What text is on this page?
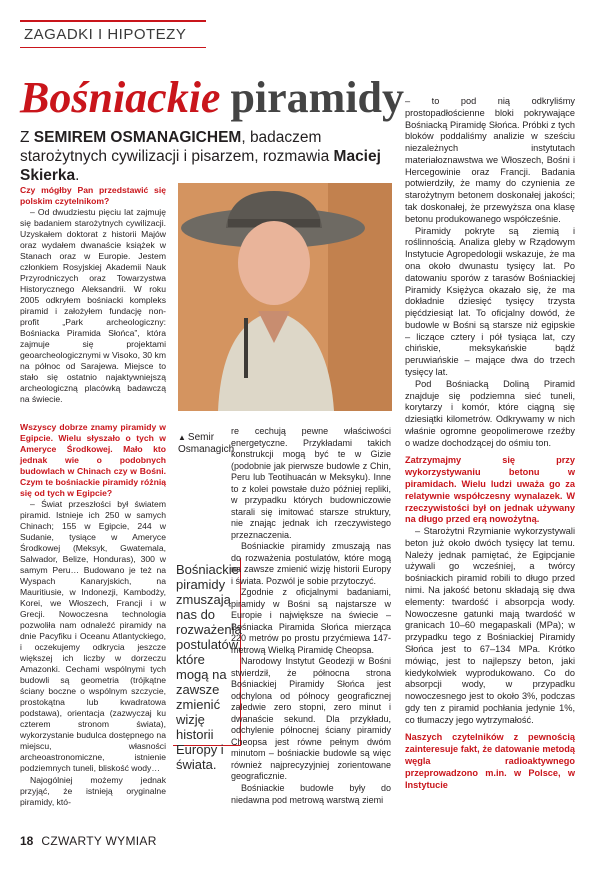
ZAGADKI I HIPOTEZY
Bośniackie piramidy
Z SEMIREM OSMANAGICHEM, badaczem starożytnych cywilizacji i pisarzem, rozmawia Maciej Skierka.

Czy mógłby Pan przedstawić się polskim czytelnikom?

– Od dwudziestu pięciu lat zajmuję się badaniem starożytnych cywilizacji. Uzyskałem doktorat z historii Majów oraz wydałem dwanaście książek w Stanach oraz w Europie. Jestem członkiem Rosyjskiej Akademii Nauk Przyrodniczych oraz Towarzystwa Historycznego Aleksandrii. W roku 2005 odkryłem bośniacki kompleks piramid i założyłem fundację non-profit „Park archeologiczny: Bośniacka Piramida Słońca”, która zajmuje się projektami geoarcheologicznymi w Visoko, 30 km na północ od Sarajewa. Miejsce to stało się ostatnio najaktywniejszą archeologiczną placówką badawczą na świecie.

▲ Semir
Osmanagich

Wszyscy dobrze znamy piramidy w Egipcie. Wielu słyszało o tych w Ameryce Środkowej. Mało kto jednak wie o podobnych budowlach w Chinach czy w Bośni. Czym te bośniackie piramidy różnią się od tych w Egipcie?

– Świat przeszłości był światem piramid. Istnieje ich 250 w samych Chinach; 155 w Egipcie, 244 w Sudanie, tysiące w Ameryce Środkowej (Meksyk, Gwatemala, Salwador, Belize, Honduras), 300 w samym Peru… Budowano je też na Wyspach Kanaryjskich, na Mauritiusie, w Indonezji, Kambodży, Korei, we Włoszech, Francji i w Grecji. Nowoczesna technologia pozwoliła nam odnaleźć piramidy na dnie Pacyfiku i Oceanu Atlantyckiego, i oczekujemy odkrycia jeszcze większej ich liczby w dorzeczu Amazonki. Cechami wspólnymi tych budowli są geometria (trójkątne ściany boczne o wspólnym szczycie, prostokątna lub kwadratowa podstawa), orientacja (zazwyczaj ku czterem stronom świata), wykorzystanie budulca dostępnego na miejscu, własności archeoastronomiczne, istnienie podziemnych tuneli, bliskość wody…

Najogólniej możemy jednak przyjąć, że istnieją oryginalne piramidy, któ-

Bośniackie piramidy zmuszają nas do rozważenia postulatów, które mogą na zawsze zmienić wizję historii Europy i świata.

re cechują pewne właściwości energetyczne. Przykładami takich konstrukcji mogą być te w Gizie (podobnie jak pierwsze budowle z Chin, Peru lub Teotihuacán w Meksyku). Inne to z kolei powstałe dużo później repliki, w przypadku których budowniczowie starali się imitować starsze struktury, nie znając jednak ich rzeczywistego przeznaczenia.

Bośniackie piramidy zmuszają nas do rozważenia postulatów, które mogą na zawsze zmienić wizję historii Europy i świata. Pozwól je sobie przytoczyć.

Zgodnie z oficjalnymi badaniami, piramidy w Bośni są najstarsze w Europie i największe na świecie – Bośniacka Piramida Słońca mierząca 220 metrów po prostu przyćmiewa 147-metrową Wielką Piramidę Cheopsa.

Narodowy Instytut Geodezji w Bośni stwierdził, że północna strona Bośniackiej Piramidy Słońca jest odchylona od północy geograficznej zaledwie zero stopni, zero minut i dwanaście sekund. Dla przykładu, odchylenie północnej ściany piramidy Cheopsa jest równe pełnym dwóm minutom – bośniackie budowle są więc również najprecyzyjniej zorientowane geograficznie.

Bośniackie budowle były do niedawna pod metrową warstwą ziemi

– to pod nią odkryliśmy prostopadłościenne bloki pokrywające Bośniacką Piramidę Słońca. Próbki z tych bloków poddaliśmy analizie w sześciu niezależnych instytutach materiałoznawstwa we Włoszech, Bośni i Hercegowinie oraz Francji. Badania potwierdziły, że mamy do czynienia ze starożytnym betonem doskonałej jakości; tak doskonałej, że przewyższa ona klasę betonu produkowanego współcześnie.

Piramidy pokryte są ziemią i roślinnością. Analiza gleby w Rządowym Instytucie Agropedologii wskazuje, że ma ona około dwunastu tysięcy lat. Po datowaniu sporów z tarasów Bośniackiej Piramidy Księżyca okazało się, że ma dokładnie dziesięć tysięcy trzysta pięćdziesiąt lat. To oficjalny dowód, że budowle w Bośni są starsze niż egipskie – liczące cztery i pół tysiąca lat, czy chińskie, meksykańskie bądź peruwiańskie – mające dwa do trzech tysięcy lat.

Pod Bośniacką Doliną Piramid znajduje się podziemna sieć tuneli, korytarzy i komór, które ciągną się dziesiątki kilometrów. Odkrywamy w nich właśnie ogromne geopolimerowe rzeźby o wadze dochodzącej do ośmiu ton.

Zatrzymajmy się przy wykorzystywaniu betonu w piramidach. Wielu ludzi uważa go za relatywnie współczesny wynalazek. W rzeczywistości był on jednak używany na długo przed erą nowożytną.

– Starożytni Rzymianie wykorzystywali beton już około dwóch tysięcy lat temu. Należy jednak pamiętać, że Egipcjanie używali go wcześniej, a twórcy bośniackich piramid robili to długo przed nimi. Na jakość betonu składają się dwa elementy: twardość i absorpcja wody. Nowoczesne gatunki mają twardość w granicach 10–60 megapaskali (MPa); w przypadku tego z Bośniackiej Piramidy Słońca jest to 67–134 MPa. Krótko mówiąc, jest to najlepszy beton, jaki kiedykolwiek wyprodukowano. Co do absorpcji wody, w przypadku nowoczesnego jest to około 3%, podczas gdy ten z piramid pochłania jedynie 1%, co tłumaczy jego wytrzymałość.

Naszych czytelników z pewnością zainteresuje fakt, że datowanie metodą węgla radioaktywnego przeprowadzono m.in. w Polsce, w Instytucie

18 CZWARTY WYMIAR
